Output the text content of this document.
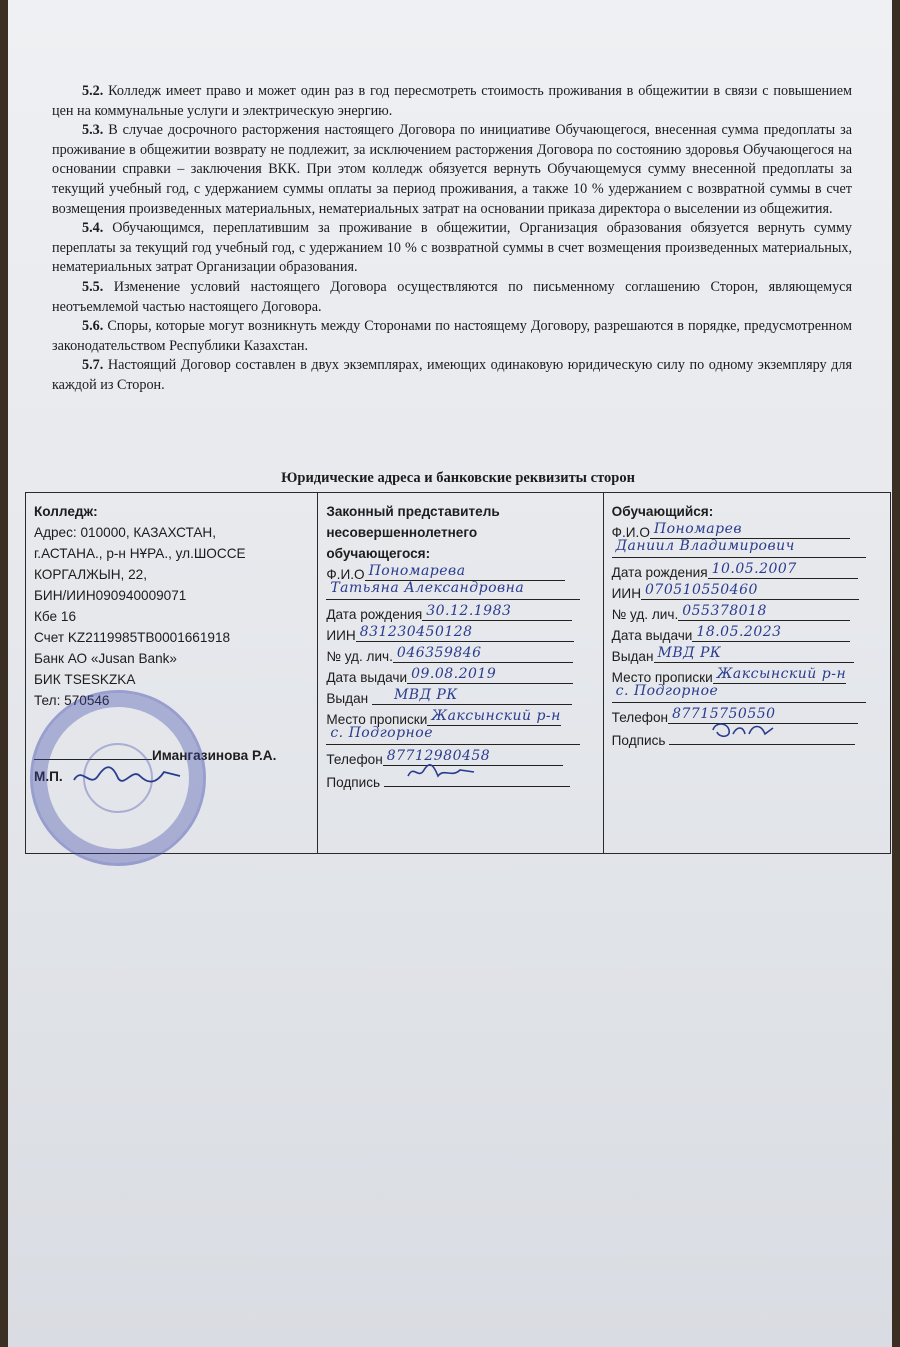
5.2. Колледж имеет право и может один раз в год пересмотреть стоимость проживания в общежитии в связи с повышением цен на коммунальные услуги и электрическую энергию.

5.3. В случае досрочного расторжения настоящего Договора по инициативе Обучающегося, внесенная сумма предоплаты за проживание в общежитии возврату не подлежит, за исключением расторжения Договора по состоянию здоровья Обучающегося на основании справки – заключения ВКК. При этом колледж обязуется вернуть Обучающемуся сумму внесенной предоплаты за текущий учебный год, с удержанием суммы оплаты за период проживания, а также 10 % удержанием с возвратной суммы в счет возмещения произведенных материальных, нематериальных затрат на основании приказа директора о выселении из общежития.

5.4. Обучающимся, переплатившим за проживание в общежитии, Организация образования обязуется вернуть сумму переплаты за текущий год учебный год, с удержанием 10 % с возвратной суммы в счет возмещения произведенных материальных, нематериальных затрат Организации образования.

5.5. Изменение условий настоящего Договора осуществляются по письменному соглашению Сторон, являющемуся неотъемлемой частью настоящего Договора.

5.6. Споры, которые могут возникнуть между Сторонами по настоящему Договору, разрешаются в порядке, предусмотренном законодательством Республики Казахстан.

5.7. Настоящий Договор составлен в двух экземплярах, имеющих одинаковую юридическую силу по одному экземпляру для каждой из Сторон.

Юридические адреса и банковские реквизиты сторон
Колледж:
Адрес: 010000, КАЗАХСТАН,
г.АСТАНА., р-н НҰРА., ул.ШОССЕ
КОРГАЛЖЫН, 22,
БИН/ИИН090940009071
Кбе 16
Счет KZ2119985TB0001661918
Банк АО «Jusan Bank»
БИК TSESKZKA
Тел: 570546
Имангазинова Р.А.
М.П.

Законный представитель
несовершеннолетнего
обучающегося:
Ф.И.О Пономарева
Татьяна Александровна
Дата рождения 30.12.1983
ИИН 831230450128
№ уд. лич. 046359846
Дата выдачи 09.08.2019
Выдан МВД РК
Место прописки Жаксынский р-н
с. Подгорное
Телефон 87712980458
Подпись

Обучающийся:
Ф.И.О Пономарев
Даниил Владимирович
Дата рождения 10.05.2007
ИИН 070510550460
№ уд. лич. 055378018
Дата выдачи 18.05.2023
Выдан МВД РК
Место прописки Жаксынский р-н
с. Подгорное
Телефон 87715750550
Подпись
